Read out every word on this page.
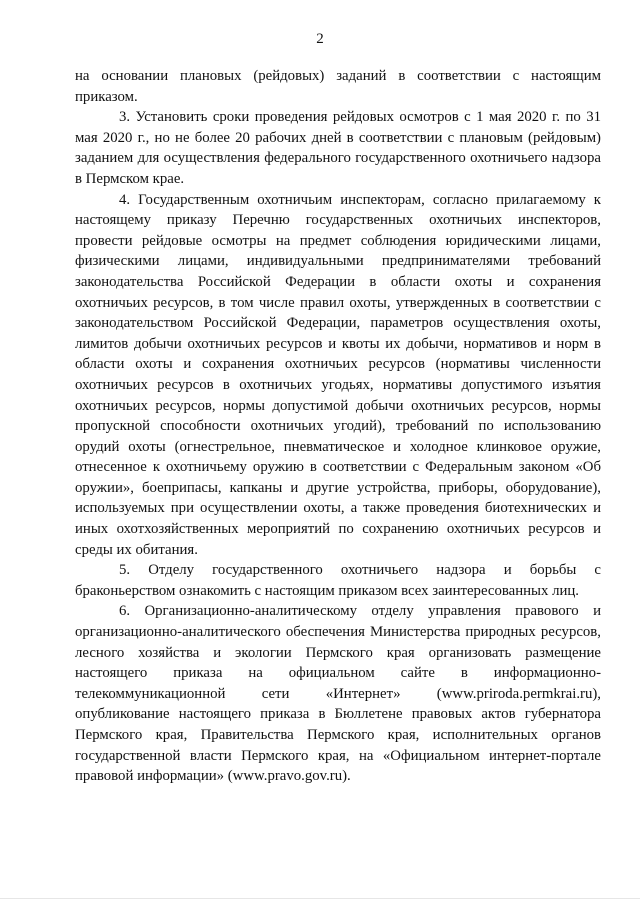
2

на основании плановых (рейдовых) заданий в соответствии с настоящим приказом.

3. Установить сроки проведения рейдовых осмотров с 1 мая 2020 г. по 31 мая 2020 г., но не более 20 рабочих дней в соответствии с плановым (рейдовым) заданием для осуществления федерального государственного охотничьего надзора в Пермском крае.

4. Государственным охотничьим инспекторам, согласно прилагаемому к настоящему приказу Перечню государственных охотничьих инспекторов, провести рейдовые осмотры на предмет соблюдения юридическими лицами, физическими лицами, индивидуальными предпринимателями требований законодательства Российской Федерации в области охоты и сохранения охотничьих ресурсов, в том числе правил охоты, утвержденных в соответствии с законодательством Российской Федерации, параметров осуществления охоты, лимитов добычи охотничьих ресурсов и квоты их добычи, нормативов и норм в области охоты и сохранения охотничьих ресурсов (нормативы численности охотничьих ресурсов в охотничьих угодьях, нормативы допустимого изъятия охотничьих ресурсов, нормы допустимой добычи охотничьих ресурсов, нормы пропускной способности охотничьих угодий), требований по использованию орудий охоты (огнестрельное, пневматическое и холодное клинковое оружие, отнесенное к охотничьему оружию в соответствии с Федеральным законом «Об оружии», боеприпасы, капканы и другие устройства, приборы, оборудование), используемых при осуществлении охоты, а также проведения биотехнических и иных охотхозяйственных мероприятий по сохранению охотничьих ресурсов и среды их обитания.

5. Отделу государственного охотничьего надзора и борьбы с браконьерством ознакомить с настоящим приказом всех заинтересованных лиц.

6. Организационно-аналитическому отделу управления правового и организационно-аналитического обеспечения Министерства природных ресурсов, лесного хозяйства и экологии Пермского края организовать размещение настоящего приказа на официальном сайте в информационно-телекоммуникационной сети «Интернет» (www.priroda.permkrai.ru), опубликование настоящего приказа в Бюллетене правовых актов губернатора Пермского края, Правительства Пермского края, исполнительных органов государственной власти Пермского края, на «Официальном интернет-портале правовой информации» (www.pravo.gov.ru).
